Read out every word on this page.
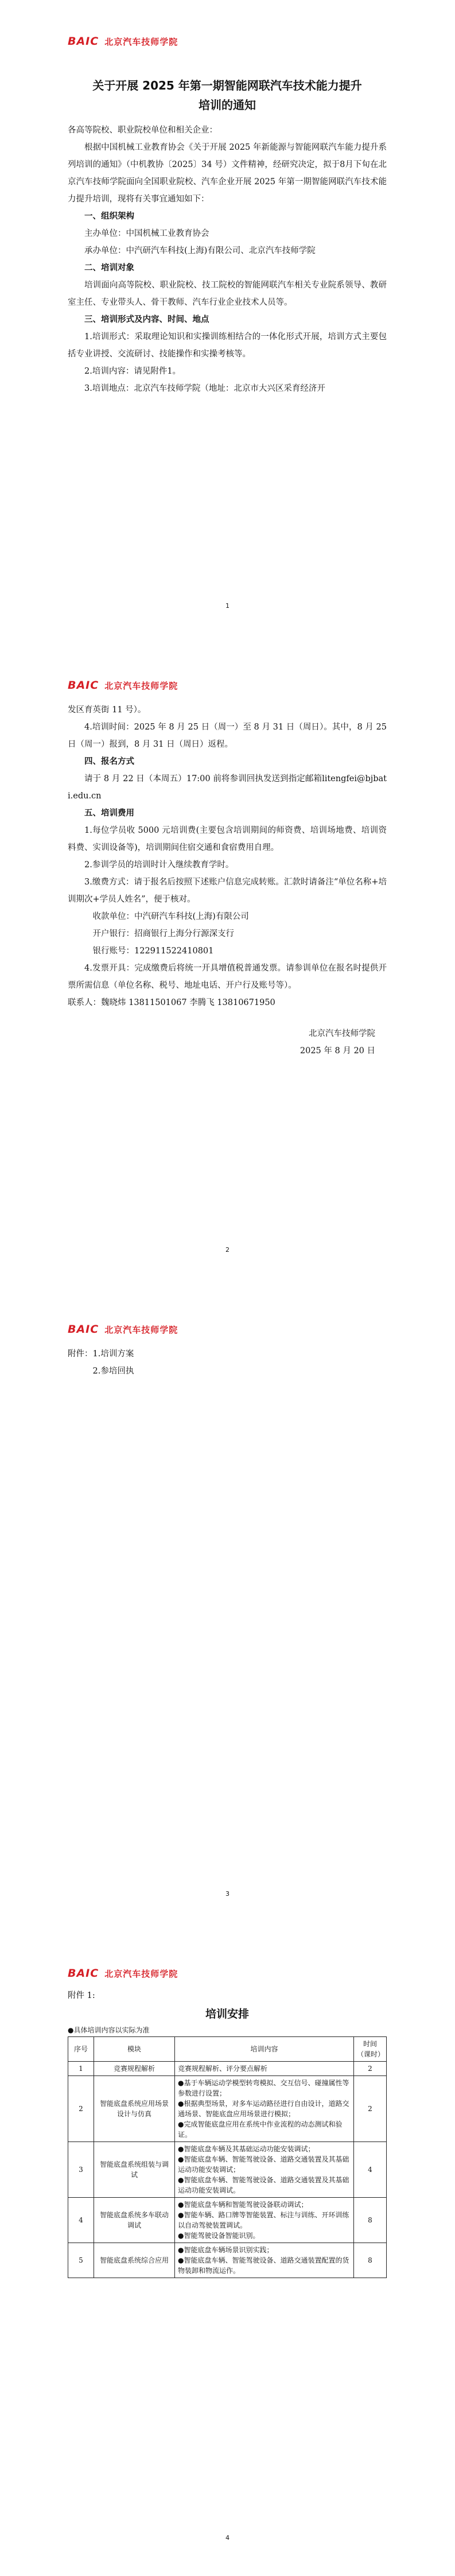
BAIC 北京汽车技师学院
关于开展 2025 年第一期智能网联汽车技术能力提升
培训的通知

各高等院校、职业院校单位和相关企业：

根据中国机械工业教育协会《关于开展 2025 年新能源与智能网联汽车能力提升系列培训的通知》（中机教协〔2025〕34 号）文件精神，经研究决定，拟于8月下旬在北京汽车技师学院面向全国职业院校、汽车企业开展 2025 年第一期智能网联汽车技术能力提升培训，现将有关事宜通知如下：

一、组织架构

主办单位：中国机械工业教育协会

承办单位：中汽研汽车科技(上海)有限公司、北京汽车技师学院

二、培训对象

培训面向高等院校、职业院校、技工院校的智能网联汽车相关专业院系领导、教研室主任、专业带头人、骨干教师、汽车行业企业技术人员等。

三、培训形式及内容、时间、地点

1.培训形式：采取理论知识和实操训练相结合的一体化形式开展，培训方式主要包括专业讲授、交流研讨、技能操作和实操考核等。

2.培训内容：请见附件1。

3.培训地点：北京汽车技师学院（地址：北京市大兴区采育经济开

1
BAIC 北京汽车技师学院

发区育英街 11 号）。

4.培训时间：2025 年 8 月 25 日（周一）至 8 月 31 日（周日）。其中，8 月 25 日（周一）报到，8 月 31 日（周日）返程。

四、报名方式

请于 8 月 22 日（本周五）17:00 前将参训回执发送到指定邮箱litengfei@bjbati.edu.cn

五、培训费用

1.每位学员收 5000 元培训费(主要包含培训期间的师资费、培训场地费、培训资料费、实训设备等)，培训期间住宿交通和食宿费用自理。

2.参训学员的培训时计入继续教育学时。

3.缴费方式：请于报名后按照下述账户信息完成转账。汇款时请备注“单位名称+培训期次+学员人姓名”，便于核对。

收款单位：中汽研汽车科技(上海)有限公司

开户银行：招商银行上海分行源深支行

银行账号：122911522410801

4.发票开具：完成缴费后将统一开具增值税普通发票。请参训单位在报名时提供开票所需信息（单位名称、税号、地址电话、开户行及账号等）。

联系人：魏晓炜 13811501067 李腾飞 13810671950

北京汽车技师学院

2025 年 8 月 20 日

2
BAIC 北京汽车技师学院

附件：1.培训方案

2.参培回执

3
BAIC 北京汽车技师学院

附件 1:

培训安排
●具体培训内容以实际为准
序号	模块	培训内容	时间（课时）
1	竞赛规程解析	竞赛规程解析、评分要点解析	2
2	智能底盘系统应用场景设计与仿真	●基于车辆运动学模型转弯模拟、交互信号、碰撞属性等参数进行设置；
●根据典型场景，对多车运动路径进行自由设计，道路交通场景、智能底盘应用场景进行模拟；
●完成智能底盘应用在系统中作业流程的动态测试和验证。	2
3	智能底盘系统组装与调试	●智能底盘车辆及其基础运动功能安装调试；
●智能底盘车辆、智能驾驶设备、道路交通装置及其基础运动功能安装调试；
●智能底盘车辆、智能驾驶设备、道路交通装置及其基础运动功能安装调试。	4
4	智能底盘系统多车联动调试	●智能底盘车辆和智能驾驶设备联动调试；
●智能车辆、路口牌等智能装置、标注与训练、开环训练以自动驾驶装置调试。
●智能驾驶设备智能识别。	8
5	智能底盘系统综合应用	●智能底盘车辆场景识别实践；
●智能底盘车辆、智能驾驶设备、道路交通装置配置的货物装卸和物流运作。	8
4
